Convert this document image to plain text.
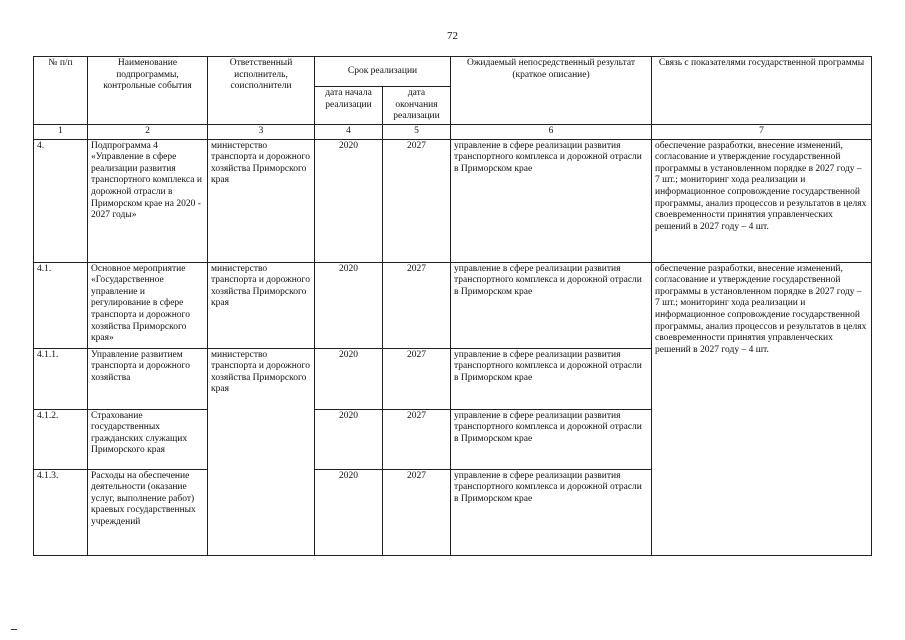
72
№ п/п	Наименование подпрограммы, контрольные события	Ответственный исполнитель, соисполнители	Срок реализации		Ожидаемый непосредственный результат (краткое описание)	Связь с показателями государственной программы
			дата начала реализации	дата окончания реализации		
1	2	3	4	5	6	7
4.	Подпрограмма 4 «Управление в сфере реализации развития транспортного комплекса и дорожной отрасли в Приморском крае на 2020 - 2027 годы»	министерство транспорта и дорожного хозяйства Приморского края	2020	2027	управление в сфере реализации развития транспортного комплекса и дорожной отрасли в Приморском крае	обеспечение разработки, внесение изменений, согласование и утверждение государственной программы в установленном порядке в 2027 году – 7 шт.; мониторинг хода реализации и информационное сопровождение государственной программы, анализ процессов и результатов в целях своевременности принятия управленческих решений в 2027 году – 4 шт.
4.1.	Основное мероприятие «Государственное управление и регулирование в сфере транспорта и дорожного хозяйства Приморского края»	министерство транспорта и дорожного хозяйства Приморского края	2020	2027	управление в сфере реализации развития транспортного комплекса и дорожной отрасли в Приморском крае	обеспечение разработки, внесение изменений, согласование и утверждение государственной программы в установленном порядке в 2027 году – 7 шт.; мониторинг хода реализации и информационное сопровождение государственной программы, анализ процессов и результатов в целях своевременности принятия управленческих решений в 2027 году – 4 шт.
4.1.1.	Управление развитием транспорта и дорожного хозяйства	министерство транспорта и дорожного хозяйства Приморского края	2020	2027	управление в сфере реализации развития транспортного комплекса и дорожной отрасли в Приморском крае	
4.1.2.	Страхование государственных гражданских служащих Приморского края		2020	2027	управление в сфере реализации развития транспортного комплекса и дорожной отрасли в Приморском крае	
4.1.3.	Расходы на обеспечение деятельности (оказание услуг, выполнение работ) краевых государственных учреждений		2020	2027	управление в сфере реализации развития транспортного комплекса и дорожной отрасли в Приморском крае	
